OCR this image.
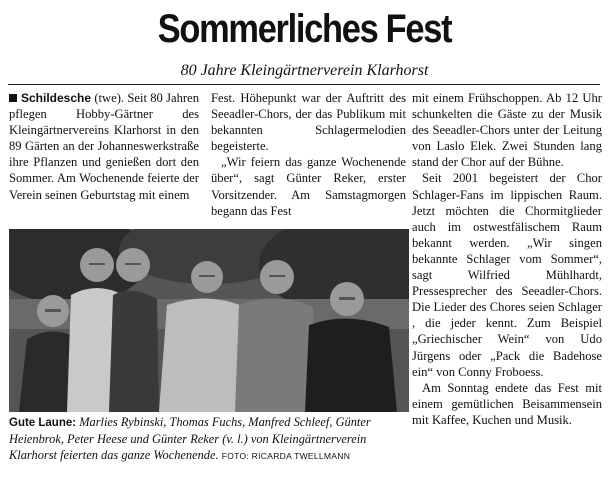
Sommerliches Fest
80 Jahre Kleingärtnerverein Klarhorst

Schildesche (twe). Seit 80 Jahren pflegen Hobby-Gärtner des Kleingärtnervereins Klarhorst in den 89 Gärten an der Johanneswerkstraße ihre Pflanzen und genießen dort den Sommer. Am Wochenende feierte der Verein seinen Geburtstag mit einem

Fest. Höhepunkt war der Auftritt des Seeadler-Chors, der das Publikum mit bekannten Schlagermelodien begeisterte.

„Wir feiern das ganze Wochenende über“, sagt Günter Reker, erster Vorsitzender. Am Samstagmorgen begann das Fest

mit einem Frühschoppen. Ab 12 Uhr schunkelten die Gäste zu der Musik des Seeadler-Chors unter der Leitung von Laslo Elek. Zwei Stunden lang stand der Chor auf der Bühne.

Seit 2001 begeistert der Chor Schlager-Fans im lippischen Raum. Jetzt möchten die Chormitglieder auch im ostwestfälischem Raum bekannt werden. „Wir singen bekannte Schlager vom Sommer“, sagt Wilfried Mühlhardt, Pressesprecher des Seeadler-Chors. Die Lieder des Chores seien Schlager , die jeder kennt. Zum Beispiel „Griechischer Wein“ von Udo Jürgens oder „Pack die Badehose ein“ von Conny Froboess.

Am Sonntag endete das Fest mit einem gemütlichen Beisammensein mit Kaffee, Kuchen und Musik.

Gute Laune: Marlies Rybinski, Thomas Fuchs, Manfred Schleef, Günter Heienbrok, Peter Heese und Günter Reker (v. l.) von Kleingärtnerverein Klarhorst feierten das ganze Wochenende. FOTO: RICARDA TWELLMANN
